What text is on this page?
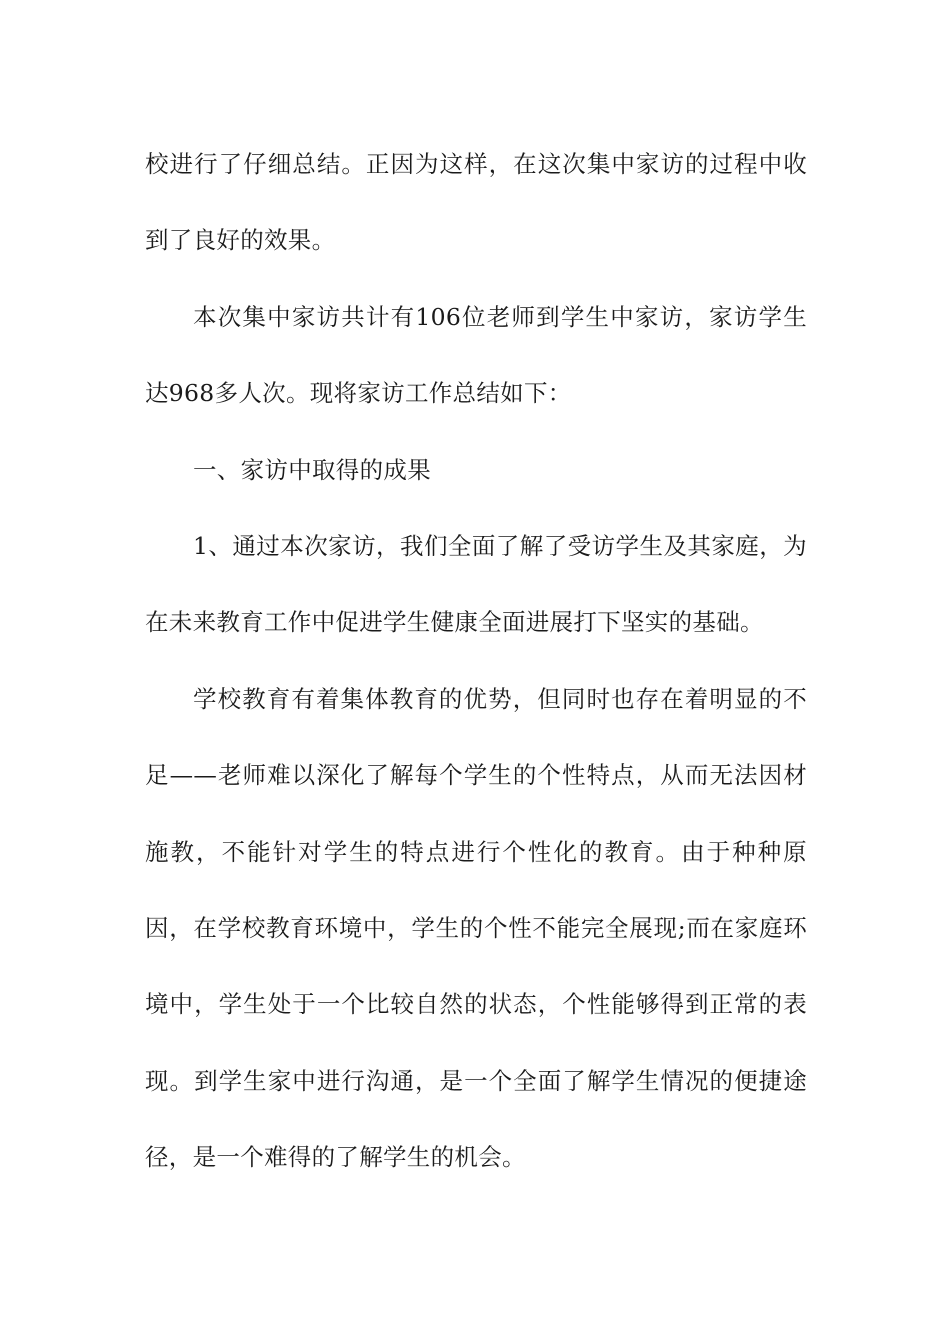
校进行了仔细总结。正因为这样，在这次集中家访的过程中收到了良好的效果。

本次集中家访共计有106位老师到学生中家访，家访学生达968多人次。现将家访工作总结如下：

一、家访中取得的成果

1、通过本次家访，我们全面了解了受访学生及其家庭，为在未来教育工作中促进学生健康全面进展打下坚实的基础。

学校教育有着集体教育的优势，但同时也存在着明显的不足——老师难以深化了解每个学生的个性特点，从而无法因材施教，不能针对学生的特点进行个性化的教育。由于种种原因，在学校教育环境中，学生的个性不能完全展现;而在家庭环境中，学生处于一个比较自然的状态，个性能够得到正常的表现。到学生家中进行沟通，是一个全面了解学生情况的便捷途径，是一个难得的了解学生的机会。
